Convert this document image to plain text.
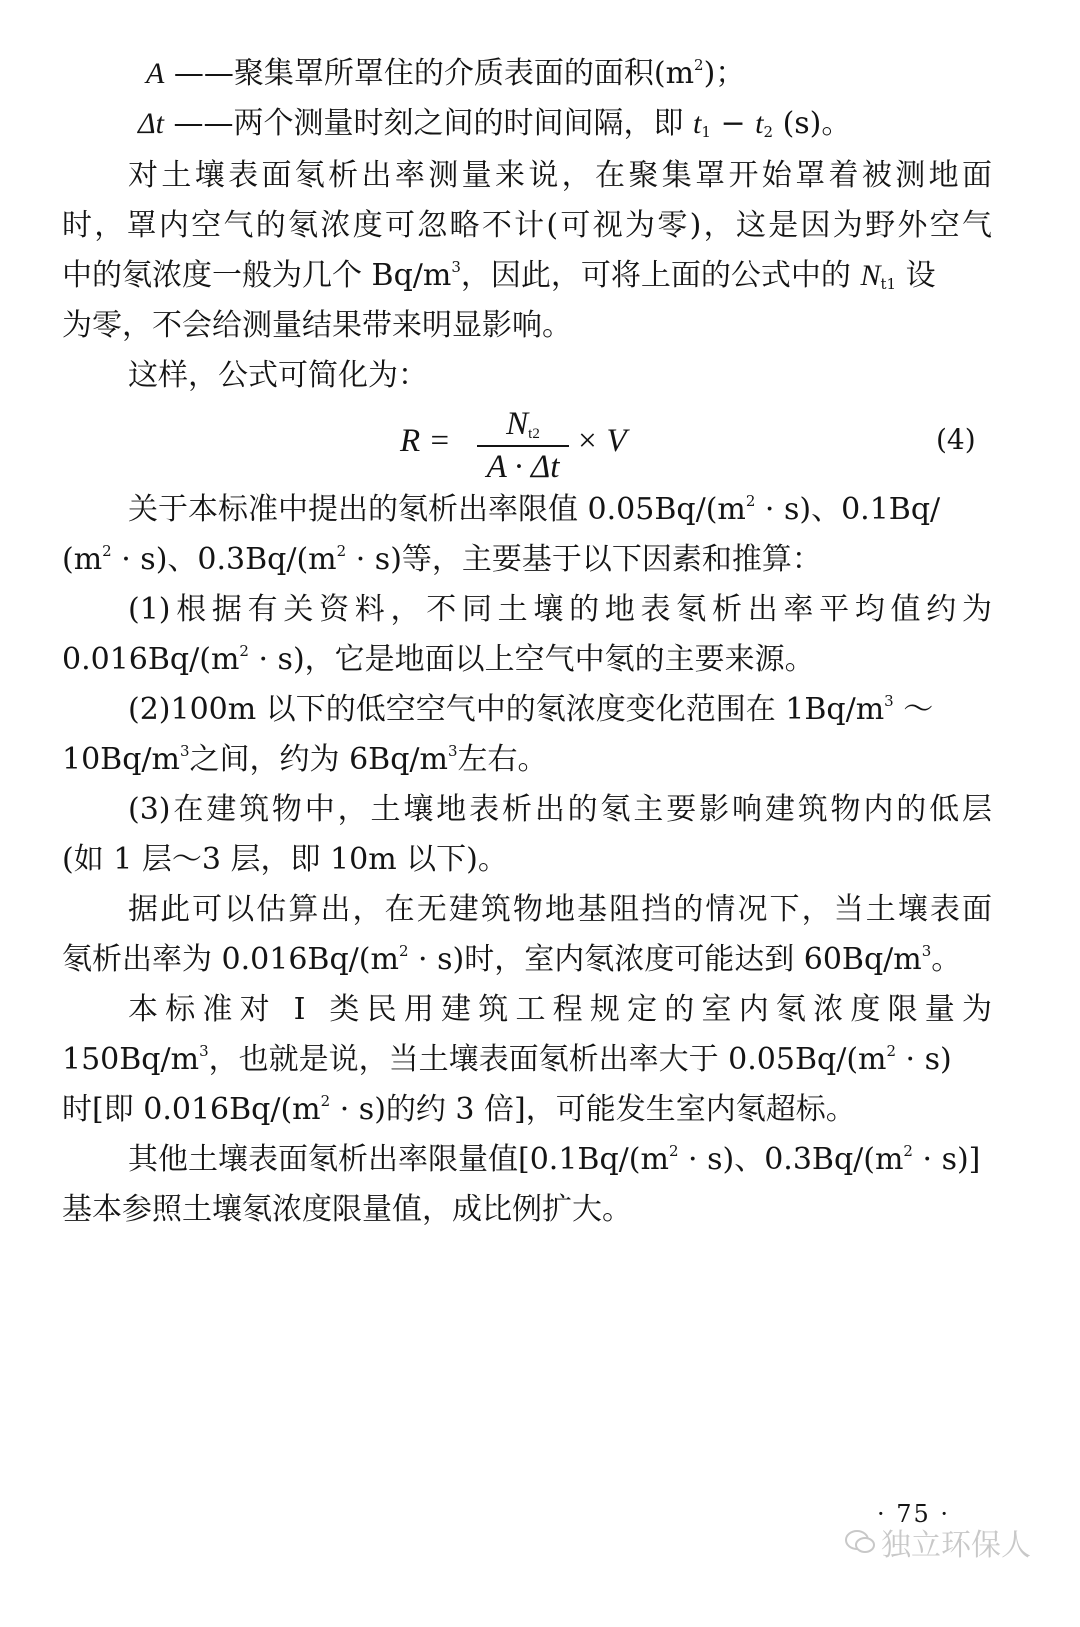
A ——聚集罩所罩住的介质表面的面积$(m^2)$；
Δt ——两个测量时刻之间的时间间隔，即 $t_1 - t_2$ (s)。
对土壤表面氡析出率测量来说，在聚集罩开始罩着被测地面
时，罩内空气的氡浓度可忽略不计(可视为零)，这是因为野外空气
中的氡浓度一般为几个 $Bq/m^3$，因此，可将上面的公式中的 $N_{t1}$ 设
为零，不会给测量结果带来明显影响。
这样，公式可简化为：
R =	$N_{t2}$
A · Δt
× V	(4)
关于本标准中提出的氡析出率限值 $0.05Bq/(m^2 \cdot s)$、0.1Bq/
$(m^2 \cdot s)$、$0.3Bq/(m^2 \cdot s)$等，主要基于以下因素和推算：
(1)根据有关资料，不同土壤的地表氡析出率平均值约为
$0.016Bq/(m^2 \cdot s)$，它是地面以上空气中氡的主要来源。
(2)100m 以下的低空空气中的氡浓度变化范围在 $1Bq/m^3$ ～
$10Bq/m^3$之间，约为 $6Bq/m^3$左右。
(3)在建筑物中，土壤地表析出的氡主要影响建筑物内的低层
(如 1 层～3 层，即 10m 以下)。
据此可以估算出，在无建筑物地基阻挡的情况下，当土壤表面
氡析出率为 $0.016Bq/(m^2 \cdot s)$时，室内氡浓度可能达到 $60Bq/m^3$。
本标准对 Ⅰ 类民用建筑工程规定的室内氡浓度限量为
$150Bq/m^3$，也就是说，当土壤表面氡析出率大于 $0.05Bq/(m^2 \cdot s)$
时[即 $0.016Bq/(m^2 \cdot s)$的约 3 倍]，可能发生室内氡超标。
其他土壤表面氡析出率限量值[$0.1Bq/(m^2 \cdot s)$、$0.3Bq/(m^2 \cdot s)$]
基本参照土壤氡浓度限量值，成比例扩大。
· 75 ·
独立环保人
